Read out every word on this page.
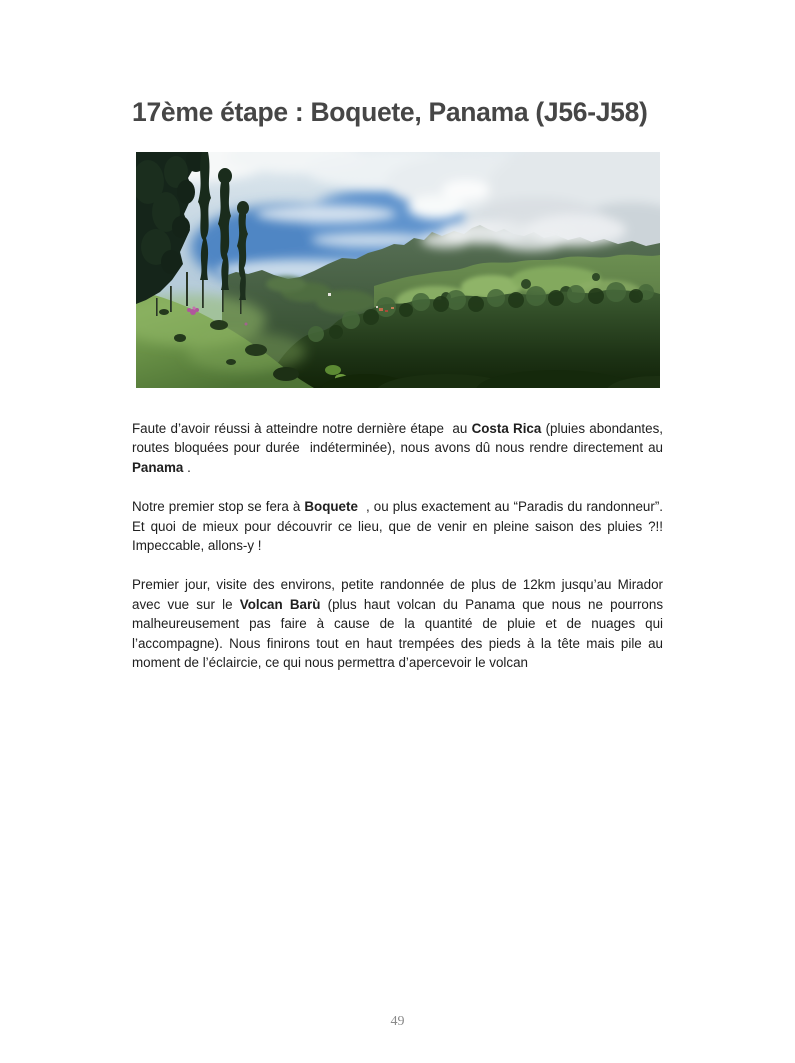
17ème étape : Boquete, Panama (J56-J58)

Faute d’avoir réussi à atteindre notre dernière étape  au Costa Rica (pluies abondantes, routes bloquées pour durée  indéterminée), nous avons dû nous rendre directement au Panama .

Notre premier stop se fera à Boquete  , ou plus exactement au “Paradis du randonneur”. Et quoi de mieux pour découvrir ce lieu, que de venir en pleine saison des pluies ?!! Impeccable, allons-y !

Premier jour, visite des environs, petite randonnée de plus de 12km jusqu’au Mirador avec vue sur le Volcan Barù (plus haut volcan du Panama que nous ne pourrons malheureusement pas faire à cause de la quantité de pluie et de nuages qui l’accompagne). Nous finirons tout en haut trempées des pieds à la tête mais pile au moment de l’éclaircie, ce qui nous permettra d’apercevoir le volcan

49
